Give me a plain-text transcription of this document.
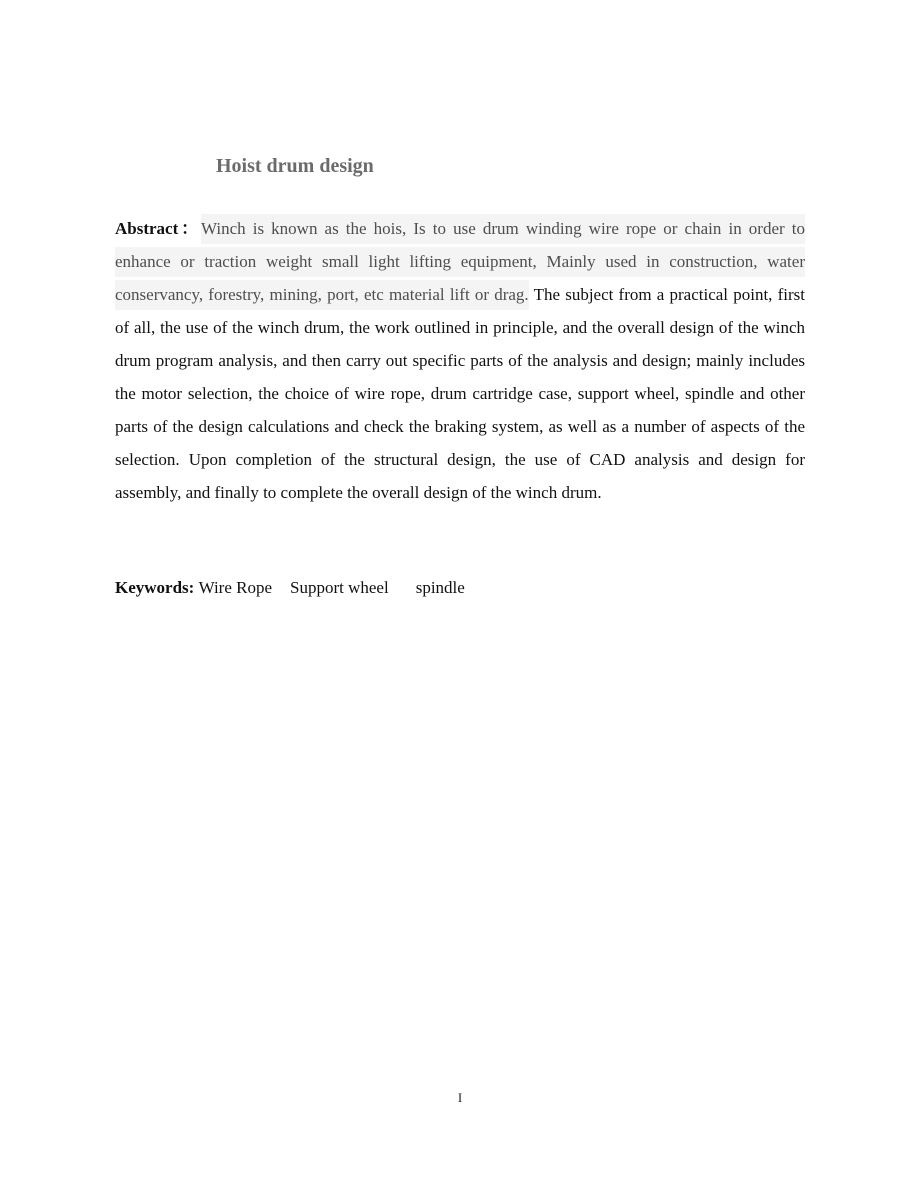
Hoist drum design

Abstract：Winch is known as the hois, Is to use drum winding wire rope or chain in order to enhance or traction weight small light lifting equipment, Mainly used in construction, water conservancy, forestry, mining, port, etc material lift or drag. The subject from a practical point, first of all, the use of the winch drum, the work outlined in principle, and the overall design of the winch drum program analysis, and then carry out specific parts of the analysis and design; mainly includes the motor selection, the choice of wire rope, drum cartridge case, support wheel, spindle and other parts of the design calculations and check the braking system, as well as a number of aspects of the selection. Upon completion of the structural design, the use of CAD analysis and design for assembly, and finally to complete the overall design of the winch drum.

Keywords: Wire Rope Support wheel spindle

I
